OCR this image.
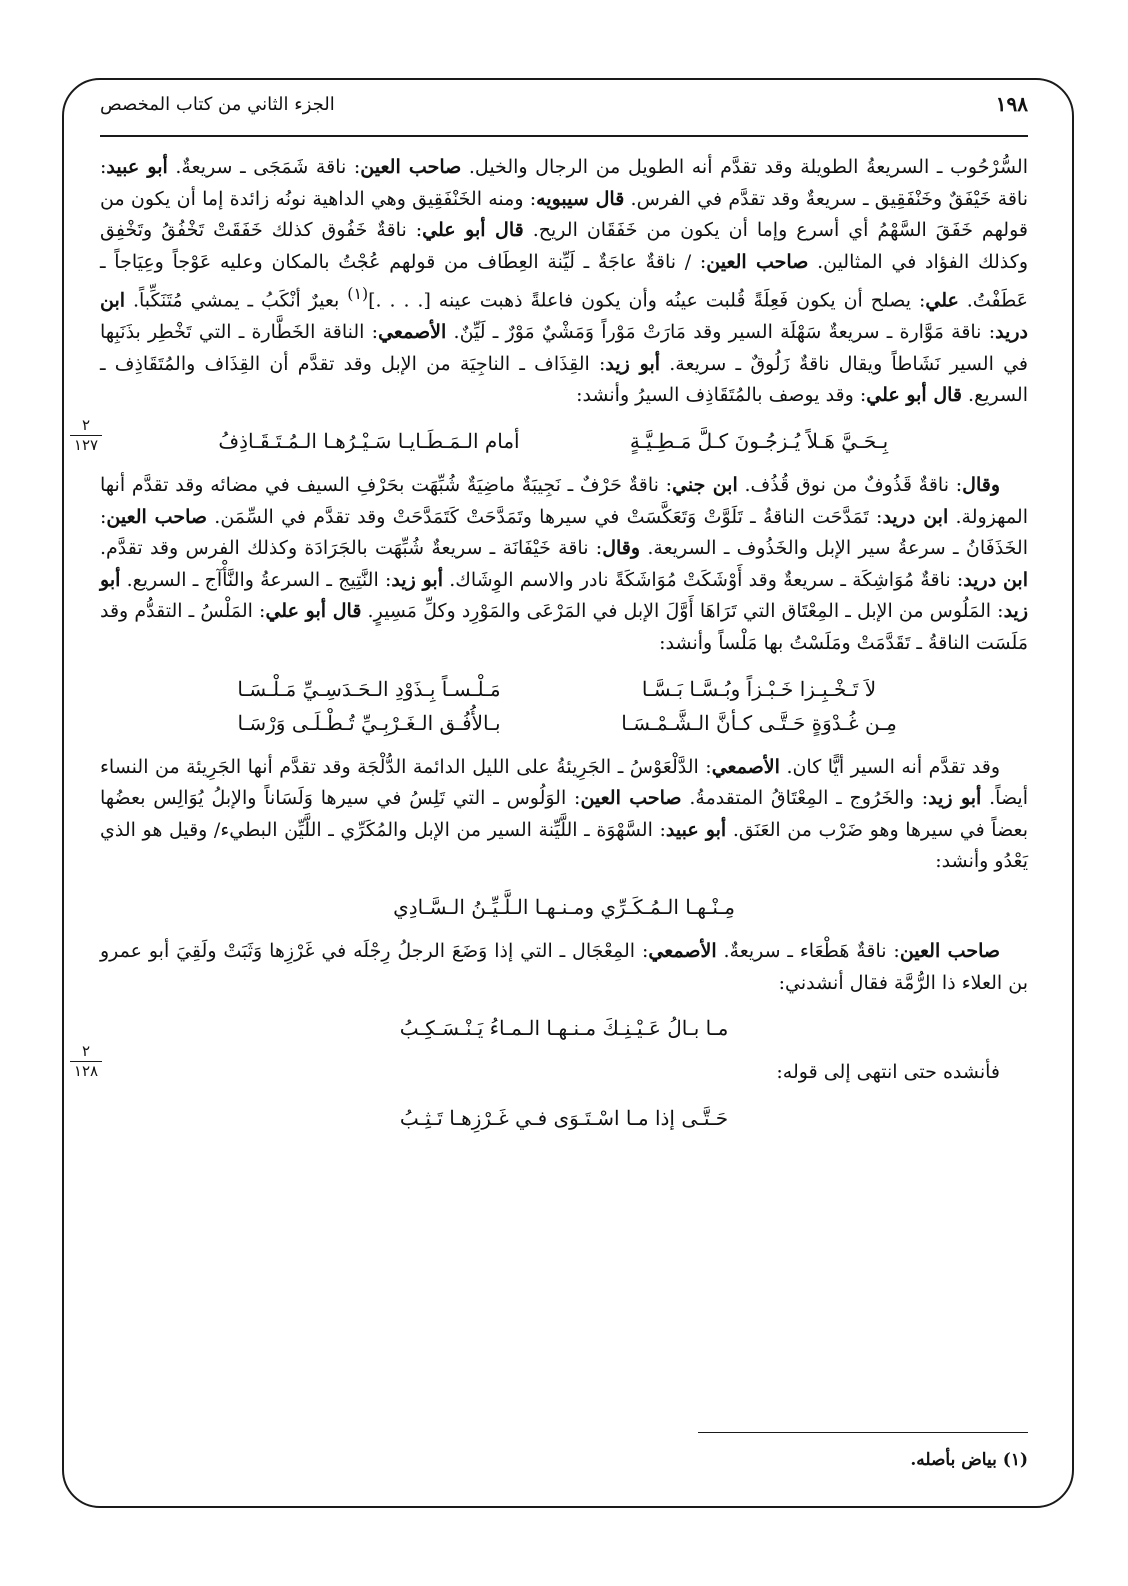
١٩٨
الجزء الثاني من كتاب المخصص
٢
١٢٧
٢
١٢٨

السُّرْحُوب ـ السريعةُ الطويلة وقد تقدَّم أنه الطويل من الرجال والخيل. صاحب العين: ناقة شَمَجَى ـ سريعةٌ. أبو عبيد: ناقة خَيْفَقٌ وخَنْفَقِيق ـ سريعةٌ وقد تقدَّم في الفرس. قال سيبويه: ومنه الخَنْفَقِيق وهي الداهية نونُه زائدة إما أن يكون من قولهم خَفَقَ السَّهْمُ أي أسرع وإما أن يكون من خَفَقَان الريح. قال أبو علي: ناقةٌ خَفُوق كذلك خَفَقَتْ تَخْفُقُ وتَخْفِق وكذلك الفؤاد في المثالين. صاحب العين: / ناقةٌ عاجَةٌ ـ لَيِّنة العِطَاف من قولهم عُجْتُ بالمكان وعليه عَوْجاً وعِيَاجاً ـ عَطَفْتُ. علي: يصلح أن يكون فَعِلَةً قُلبت عينُه وأن يكون فاعلةً ذهبت عينه [. . . .]$^{(١)}$ بعيرٌ أنْكَبُ ـ يمشي مُتَنَكِّباً. ابن دريد: ناقة مَوَّارة ـ سريعةٌ سَهْلَة السير وقد مَارَتْ مَوْراً وَمَشْيٌ مَوْرٌ ـ لَيِّنٌ. الأصمعي: الناقة الخَطَّارة ـ التي تَخْطِر بذَنَبِها في السير نَشَاطاً ويقال ناقةٌ زَلُوقٌ ـ سريعة. أبو زيد: القِذَاف ـ الناجِيَة من الإبل وقد تقدَّم أن القِذَاف والمُتَقَاذِف ـ السريع. قال أبو علي: وقد يوصف بالمُتَقَاذِف السيرُ وأنشد:

بِـحَـيَّ هَـلاً يُـزجُـونَ كـلَّ مَـطِـيَّـةٍ
أمام الـمَـطَـايـا سَـيْـرُهـا الـمُـتَـقَـاذِفُ

وقال: ناقةٌ قَذُوفٌ من نوق قُذُف. ابن جني: ناقةٌ حَرْفٌ ـ نَجِيبَةٌ ماضِيَةٌ شُبِّهَت بحَرْفِ السيف في مضائه وقد تقدَّم أنها المهزولة. ابن دريد: تَمَدَّحَت الناقةُ ـ تَلَوَّتْ وَتَعَكَّسَتْ في سيرها وتَمَدَّحَتْ كَتَمَدَّحَتْ وقد تقدَّم في السِّمَن. صاحب العين: الخَذَفَانُ ـ سرعةُ سير الإبل والخَذُوف ـ السريعة. وقال: ناقة خَيْفَانَة ـ سريعةٌ شُبِّهَت بالجَرَادَة وكذلك الفرس وقد تقدَّم. ابن دريد: ناقةٌ مُوَاشِكَة ـ سريعةٌ وقد أَوْشَكَتْ مُوَاشَكَةً نادر والاسم الوِشَاك. أبو زيد: النَّتِيج ـ السرعةُ والنَّأْآج ـ السريع. أبو زيد: المَلُوس من الإبل ـ المِعْتَاق التي تَرَاهَا أَوَّلَ الإبل في المَرْعَى والمَوْرِد وكلِّ مَسِيرٍ. قال أبو علي: المَلْسُ ـ التقدُّم وقد مَلَسَت الناقةُ ـ تَقَدَّمَتْ ومَلَسْتُ بها مَلْساً وأنشد:

لاَ تَـخْـبِـزا خَـبْـزاً وبُـسَّـا بَـسَّـا
مَـلْـسـاً بِـذَوْدِ الـحَـدَسِـيِّ مَـلْـسَـا
مِـن غُـدْوَةٍ حَـتَّـى كـأنَّ الـشَّـمْـسَـا
بـالأُفُـق الـغَـرْبِـيِّ تُـطْـلَـى وَرْسَـا

وقد تقدَّم أنه السير أيًّا كان. الأصمعي: الدَّلْعَوْسُ ـ الجَرِيئةُ على الليل الدائمة الدُّلْجَة وقد تقدَّم أنها الجَرِيئة من النساء أيضاً. أبو زيد: والخَرُوج ـ المِعْتَاقُ المتقدمةُ. صاحب العين: الوَلُوس ـ التي تَلِسُ في سيرها وَلَسَاناً والإبلُ يُوَالِس بعضُها بعضاً في سيرها وهو ضَرْب من العَنَق. أبو عبيد: السَّهْوَة ـ اللَّيِّنة السير من الإبل والمُكَرِّي ـ اللَّيِّن البطيء/ وقيل هو الذي يَعْدُو وأنشد:

مِـنْـهـا الـمُـكَـرِّي ومـنـهـا الـلَّـيِّـنُ الـسَّـادِي

صاحب العين: ناقةٌ هَطْعَاء ـ سريعةٌ. الأصمعي: المِعْجَال ـ التي إذا وَضَعَ الرجلُ رِجْلَه في غَرْزِها وَثَبَتْ ولَقِيَ أبو عمرو بن العلاء ذا الرُّمَّة فقال أنشدني:

مـا بـالُ عَـيْـنِـكَ مـنـهـا الـمـاءُ يَـنْـسَـكِـبُ

فأنشده حتى انتهى إلى قوله:

حَـتَّـى إذا مـا اسْـتَـوَى فـي غَـرْزِهـا تَـثِـبُ
(١) بياض بأصله.
